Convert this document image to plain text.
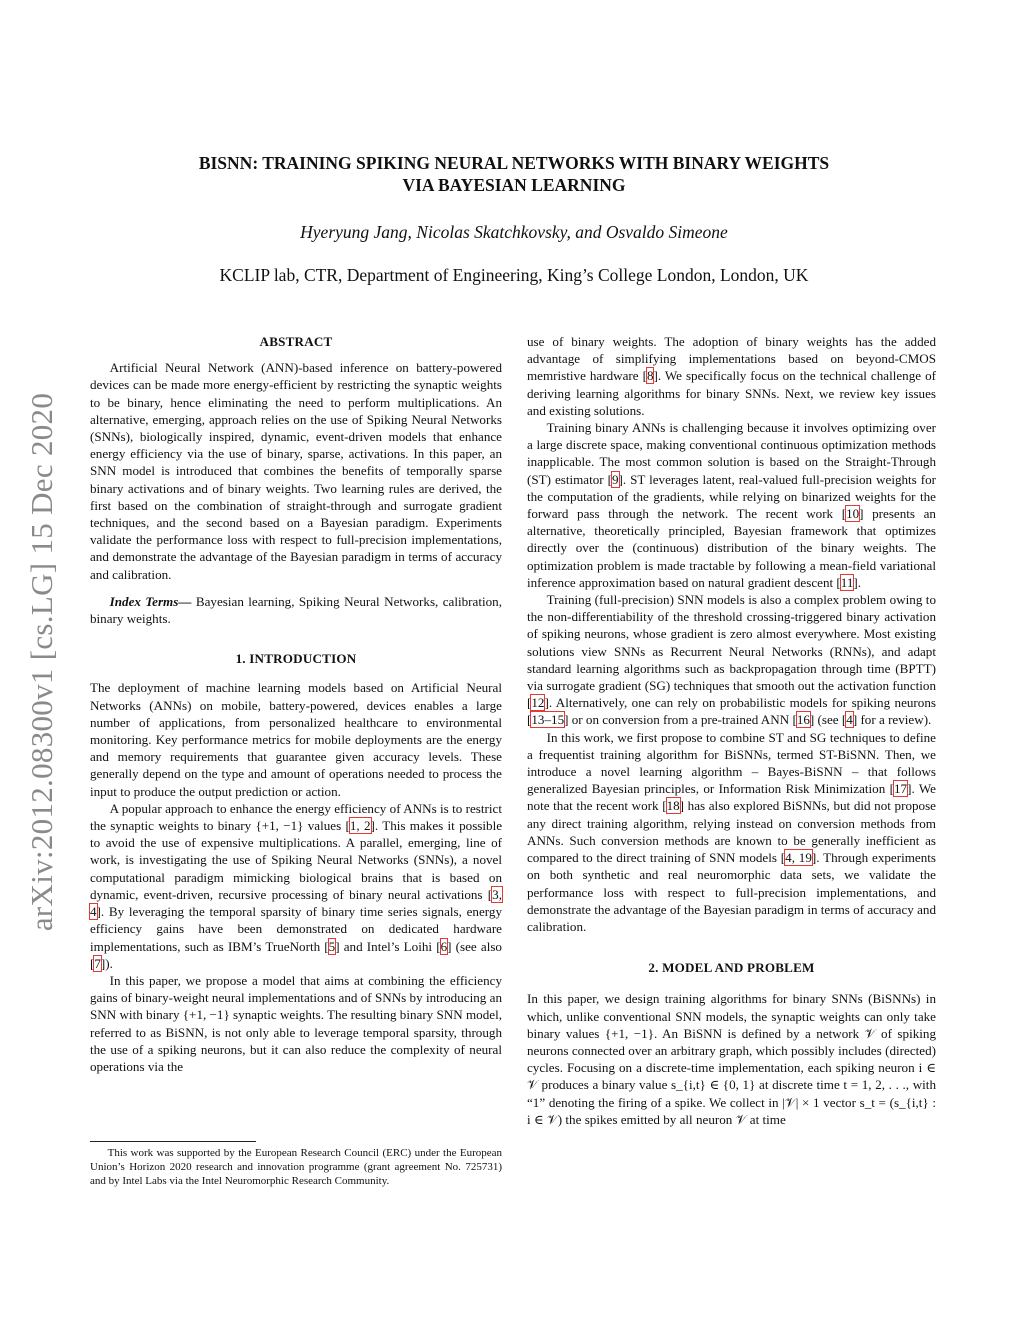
arXiv:2012.08300v1 [cs.LG] 15 Dec 2020
BISNN: TRAINING SPIKING NEURAL NETWORKS WITH BINARY WEIGHTS
VIA BAYESIAN LEARNING
Hyeryung Jang, Nicolas Skatchkovsky, and Osvaldo Simeone
KCLIP lab, CTR, Department of Engineering, King’s College London, London, UK
ABSTRACT

Artificial Neural Network (ANN)-based inference on battery-powered devices can be made more energy-efficient by restricting the synaptic weights to be binary, hence eliminating the need to perform multiplications. An alternative, emerging, approach relies on the use of Spiking Neural Networks (SNNs), biologically inspired, dynamic, event-driven models that enhance energy efficiency via the use of binary, sparse, activations. In this paper, an SNN model is introduced that combines the benefits of temporally sparse binary activations and of binary weights. Two learning rules are derived, the first based on the combination of straight-through and surrogate gradient techniques, and the second based on a Bayesian paradigm. Experiments validate the performance loss with respect to full-precision implementations, and demonstrate the advantage of the Bayesian paradigm in terms of accuracy and calibration.

Index Terms— Bayesian learning, Spiking Neural Networks, calibration, binary weights.

1. INTRODUCTION

The deployment of machine learning models based on Artificial Neural Networks (ANNs) on mobile, battery-powered, devices enables a large number of applications, from personalized healthcare to environmental monitoring. Key performance metrics for mobile deployments are the energy and memory requirements that guarantee given accuracy levels. These generally depend on the type and amount of operations needed to process the input to produce the output prediction or action.

A popular approach to enhance the energy efficiency of ANNs is to restrict the synaptic weights to binary {+1, −1} values [1, 2]. This makes it possible to avoid the use of expensive multiplications. A parallel, emerging, line of work, is investigating the use of Spiking Neural Networks (SNNs), a novel computational paradigm mimicking biological brains that is based on dynamic, event-driven, recursive processing of binary neural activations [3, 4]. By leveraging the temporal sparsity of binary time series signals, energy efficiency gains have been demonstrated on dedicated hardware implementations, such as IBM’s TrueNorth [5] and Intel’s Loihi [6] (see also [7]).

In this paper, we propose a model that aims at combining the efficiency gains of binary-weight neural implementations and of SNNs by introducing an SNN with binary {+1, −1} synaptic weights. The resulting binary SNN model, referred to as BiSNN, is not only able to leverage temporal sparsity, through the use of a spiking neurons, but it can also reduce the complexity of neural operations via the

This work was supported by the European Research Council (ERC) under the European Union’s Horizon 2020 research and innovation programme (grant agreement No. 725731) and by Intel Labs via the Intel Neuromorphic Research Community.

use of binary weights. The adoption of binary weights has the added advantage of simplifying implementations based on beyond-CMOS memristive hardware [8]. We specifically focus on the technical challenge of deriving learning algorithms for binary SNNs. Next, we review key issues and existing solutions.

Training binary ANNs is challenging because it involves optimizing over a large discrete space, making conventional continuous optimization methods inapplicable. The most common solution is based on the Straight-Through (ST) estimator [9]. ST leverages latent, real-valued full-precision weights for the computation of the gradients, while relying on binarized weights for the forward pass through the network. The recent work [10] presents an alternative, theoretically principled, Bayesian framework that optimizes directly over the (continuous) distribution of the binary weights. The optimization problem is made tractable by following a mean-field variational inference approximation based on natural gradient descent [11].

Training (full-precision) SNN models is also a complex problem owing to the non-differentiability of the threshold crossing-triggered binary activation of spiking neurons, whose gradient is zero almost everywhere. Most existing solutions view SNNs as Recurrent Neural Networks (RNNs), and adapt standard learning algorithms such as backpropagation through time (BPTT) via surrogate gradient (SG) techniques that smooth out the activation function [12]. Alternatively, one can rely on probabilistic models for spiking neurons [13–15] or on conversion from a pre-trained ANN [16] (see [4] for a review).

In this work, we first propose to combine ST and SG techniques to define a frequentist training algorithm for BiSNNs, termed ST-BiSNN. Then, we introduce a novel learning algorithm – Bayes-BiSNN – that follows generalized Bayesian principles, or Information Risk Minimization [17]. We note that the recent work [18] has also explored BiSNNs, but did not propose any direct training algorithm, relying instead on conversion methods from ANNs. Such conversion methods are known to be generally inefficient as compared to the direct training of SNN models [4, 19]. Through experiments on both synthetic and real neuromorphic data sets, we validate the performance loss with respect to full-precision implementations, and demonstrate the advantage of the Bayesian paradigm in terms of accuracy and calibration.

2. MODEL AND PROBLEM

In this paper, we design training algorithms for binary SNNs (BiSNNs) in which, unlike conventional SNN models, the synaptic weights can only take binary values {+1, −1}. An BiSNN is defined by a network 𝒱 of spiking neurons connected over an arbitrary graph, which possibly includes (directed) cycles. Focusing on a discrete-time implementation, each spiking neuron i ∈ 𝒱 produces a binary value s_{i,t} ∈ {0, 1} at discrete time t = 1, 2, . . ., with “1” denoting the firing of a spike. We collect in |𝒱| × 1 vector s_t = (s_{i,t} : i ∈ 𝒱) the spikes emitted by all neuron 𝒱 at time
